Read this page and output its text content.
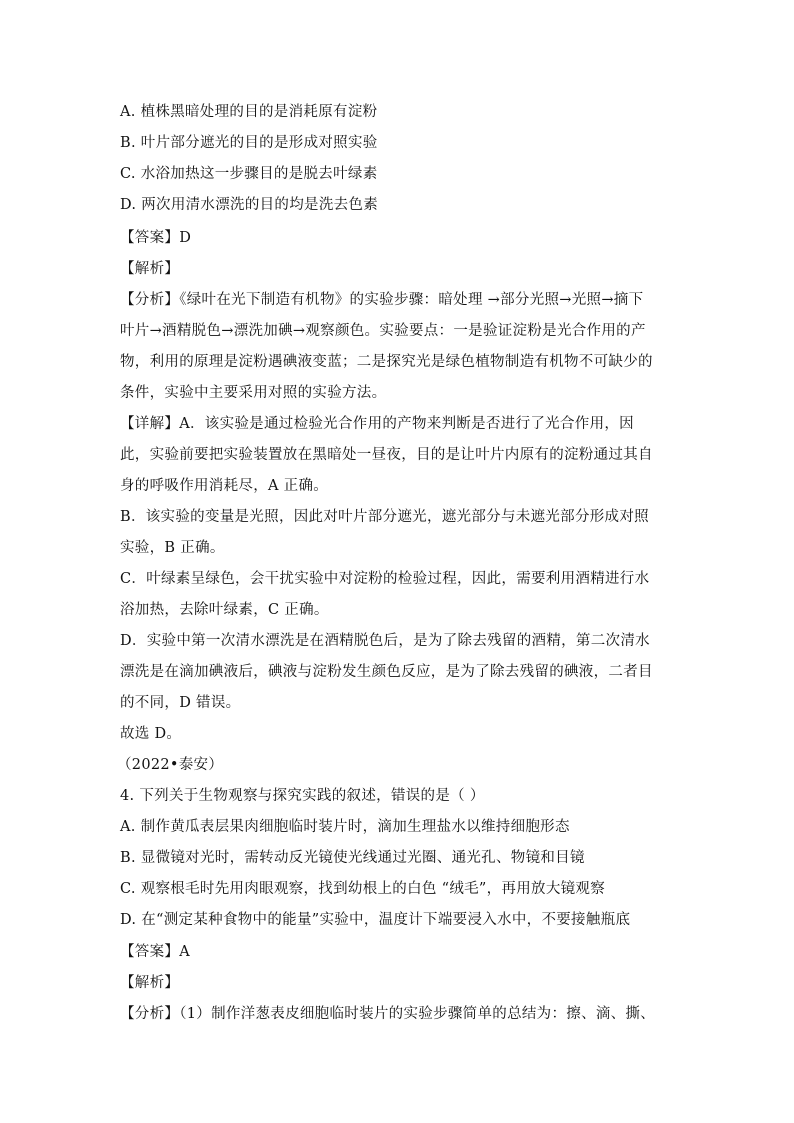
A. 植株黑暗处理的目的是消耗原有淀粉
B. 叶片部分遮光的目的是形成对照实验
C. 水浴加热这一步骤目的是脱去叶绿素
D. 两次用清水漂洗的目的均是洗去色素
【答案】D
【解析】
【分析】《绿叶在光下制造有机物》的实验步骤：暗处理 →部分光照→光照→摘下
叶片→酒精脱色→漂洗加碘→观察颜色。实验要点：一是验证淀粉是光合作用的产
物，利用的原理是淀粉遇碘液变蓝；二是探究光是绿色植物制造有机物不可缺少的
条件，实验中主要采用对照的实验方法。
【详解】A．该实验是通过检验光合作用的产物来判断是否进行了光合作用，因
此，实验前要把实验装置放在黑暗处一昼夜，目的是让叶片内原有的淀粉通过其自
身的呼吸作用消耗尽，A 正确。
B．该实验的变量是光照，因此对叶片部分遮光，遮光部分与未遮光部分形成对照
实验，B 正确。
C．叶绿素呈绿色，会干扰实验中对淀粉的检验过程，因此，需要利用酒精进行水
浴加热，去除叶绿素，C 正确。
D．实验中第一次清水漂洗是在酒精脱色后，是为了除去残留的酒精，第二次清水
漂洗是在滴加碘液后，碘液与淀粉发生颜色反应，是为了除去残留的碘液，二者目
的不同，D 错误。
故选 D。
（2022•泰安）
4. 下列关于生物观察与探究实践的叙述，错误的是（ ）
A. 制作黄瓜表层果肉细胞临时装片时，滴加生理盐水以维持细胞形态
B. 显微镜对光时，需转动反光镜使光线通过光圈、通光孔、物镜和目镜
C. 观察根毛时先用肉眼观察，找到幼根上的白色 “绒毛”，再用放大镜观察
D. 在“测定某种食物中的能量”实验中，温度计下端要浸入水中，不要接触瓶底
【答案】A
【解析】
【分析】（1）制作洋葱表皮细胞临时装片的实验步骤简单的总结为：擦、滴、撕、
